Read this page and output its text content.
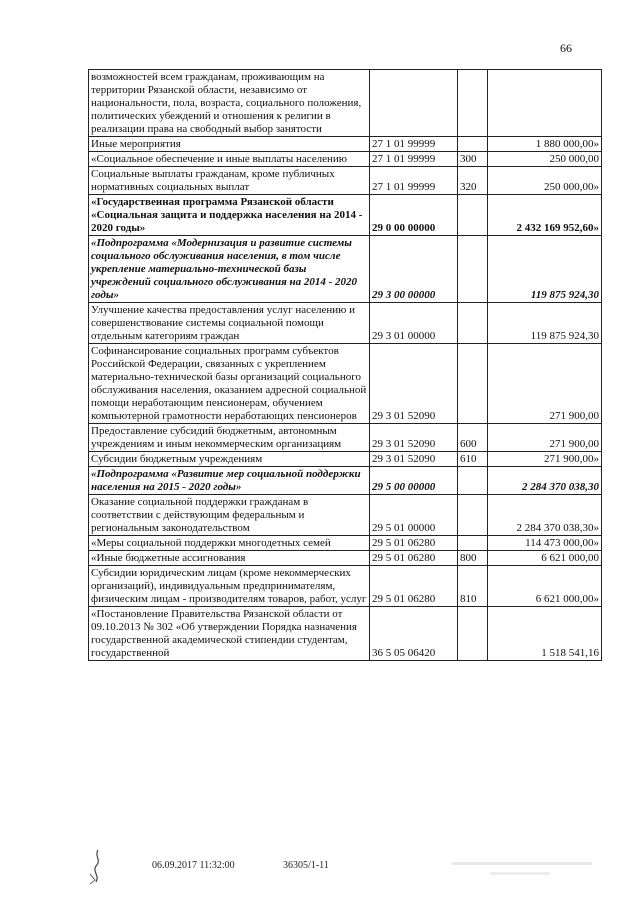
66
возможностей всем гражданам, проживающим на территории Рязанской области, независимо от национальности, пола, возраста, социального положения, политических убеждений и отношения к религии в реализации права на свободный выбор занятости			
Иные мероприятия	27 1 01 99999		1 880 000,00»
«Социальное обеспечение и иные выплаты населению	27 1 01 99999	300	250 000,00
Социальные выплаты гражданам, кроме публичных нормативных социальных выплат	27 1 01 99999	320	250 000,00»
«Государственная программа Рязанской области «Социальная защита и поддержка населения на 2014 - 2020 годы»	29 0 00 00000		2 432 169 952,60»
«Подпрограмма «Модернизация и развитие системы социального обслуживания населения, в том числе укрепление материально-технической базы учреждений социального обслуживания на 2014 - 2020 годы»	29 3 00 00000		119 875 924,30
Улучшение качества предоставления услуг населению и совершенствование системы социальной помощи отдельным категориям граждан	29 3 01 00000		119 875 924,30
Софинансирование социальных программ субъектов Российской Федерации, связанных с укреплением материально-технической базы организаций социального обслуживания населения, оказанием адресной социальной помощи неработающим пенсионерам, обучением компьютерной грамотности неработающих пенсионеров	29 3 01 52090		271 900,00
Предоставление субсидий бюджетным, автономным учреждениям и иным некоммерческим организациям	29 3 01 52090	600	271 900,00
Субсидии бюджетным учреждениям	29 3 01 52090	610	271 900,00»
«Подпрограмма «Развитие мер социальной поддержки населения на 2015 - 2020 годы»	29 5 00 00000		2 284 370 038,30
Оказание социальной поддержки гражданам в соответствии с действующим федеральным и региональным законодательством	29 5 01 00000		2 284 370 038,30»
«Меры социальной поддержки многодетных семей	29 5 01 06280		114 473 000,00»
«Иные бюджетные ассигнования	29 5 01 06280	800	6 621 000,00
Субсидии юридическим лицам (кроме некоммерческих организаций), индивидуальным предпринимателям, физическим лицам - производителям товаров, работ, услуг	29 5 01 06280	810	6 621 000,00»
«Постановление Правительства Рязанской области от 09.10.2013 № 302 «Об утверждении Порядка назначения государственной академической стипендии студентам, государственной	36 5 05 06420		1 518 541,16
06.09.2017 11:32:00	36305/1-11
